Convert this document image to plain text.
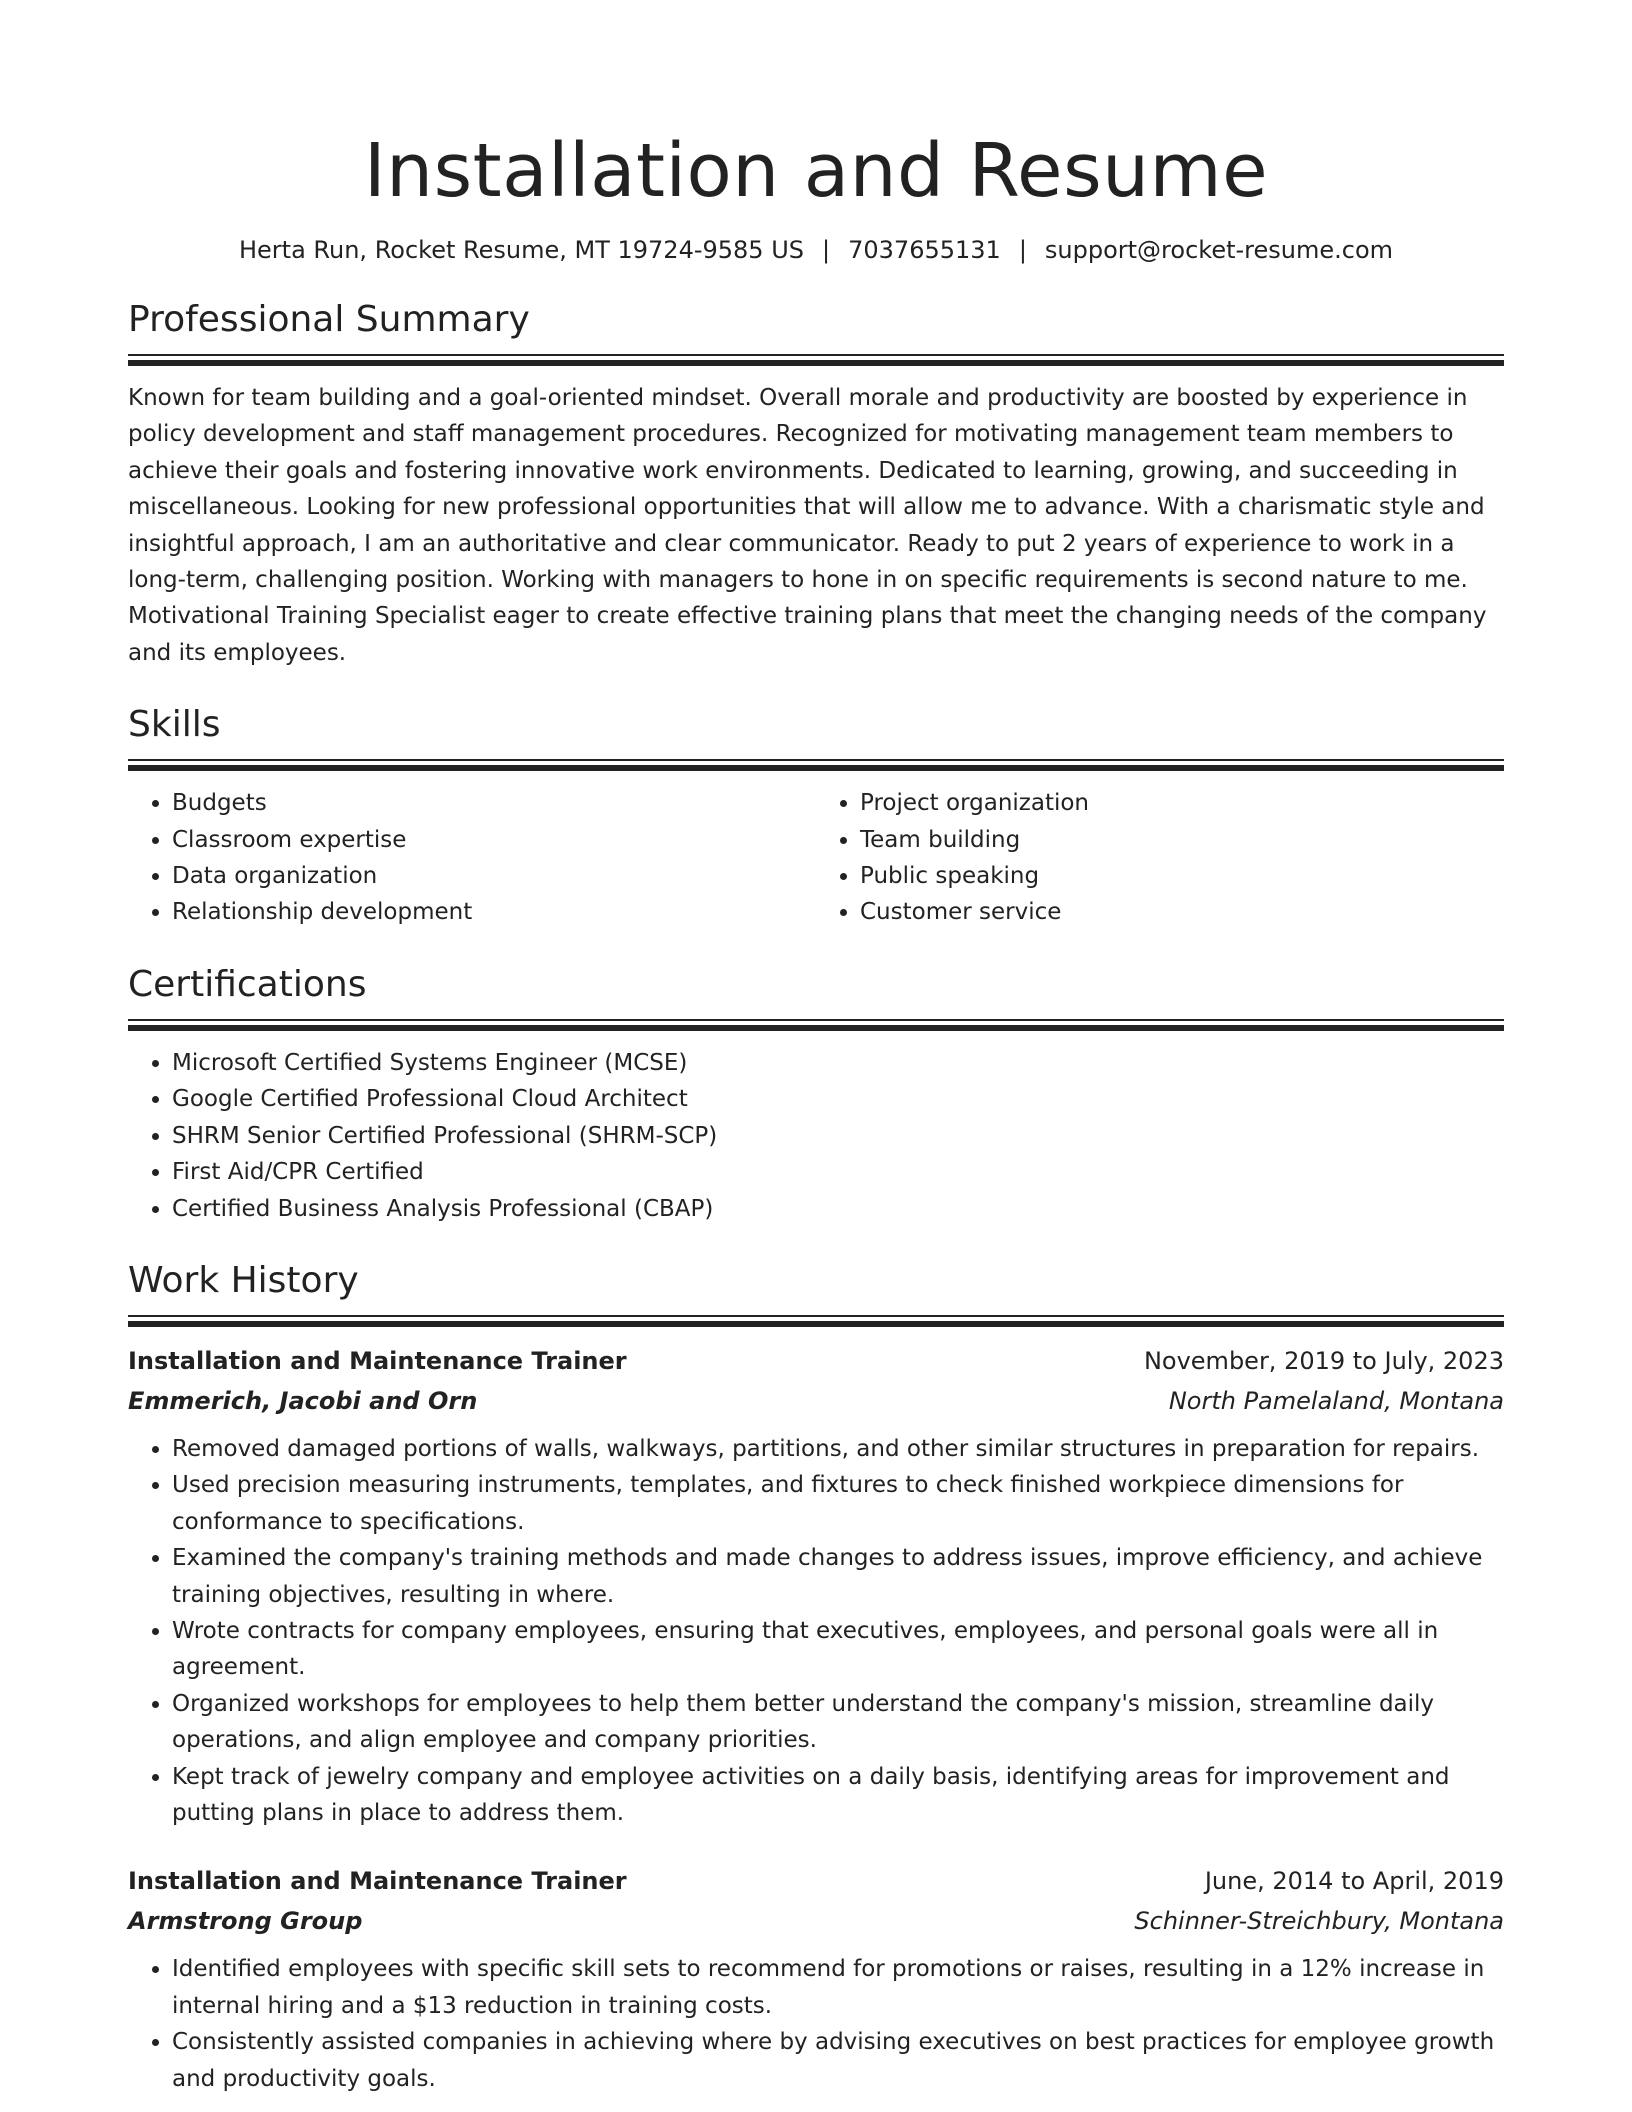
Installation and Resume
Herta Run, Rocket Resume, MT 19724-9585 US | 7037655131 | support@rocket-resume.com
Professional Summary

Known for team building and a goal-oriented mindset. Overall morale and productivity are boosted by experience in policy development and staff management procedures. Recognized for motivating management team members to achieve their goals and fostering innovative work environments. Dedicated to learning, growing, and succeeding in miscellaneous. Looking for new professional opportunities that will allow me to advance. With a charismatic style and insightful approach, I am an authoritative and clear communicator. Ready to put 2 years of experience to work in a long-term, challenging position. Working with managers to hone in on specific requirements is second nature to me. Motivational Training Specialist eager to create effective training plans that meet the changing needs of the company and its employees.

Skills
• Budgets
• Classroom expertise
• Data organization
• Relationship development
• Project organization
• Team building
• Public speaking
• Customer service
Certifications
• Microsoft Certified Systems Engineer (MCSE)
• Google Certified Professional Cloud Architect
• SHRM Senior Certified Professional (SHRM-SCP)
• First Aid/CPR Certified
• Certified Business Analysis Professional (CBAP)
Work History
Installation and Maintenance Trainer	November, 2019 to July, 2023
Emmerich, Jacobi and Orn	North Pamelaland, Montana
• Removed damaged portions of walls, walkways, partitions, and other similar structures in preparation for repairs.
• Used precision measuring instruments, templates, and fixtures to check finished workpiece dimensions for conformance to specifications.
• Examined the company's training methods and made changes to address issues, improve efficiency, and achieve training objectives, resulting in where.
• Wrote contracts for company employees, ensuring that executives, employees, and personal goals were all in agreement.
• Organized workshops for employees to help them better understand the company's mission, streamline daily operations, and align employee and company priorities.
• Kept track of jewelry company and employee activities on a daily basis, identifying areas for improvement and putting plans in place to address them.
Installation and Maintenance Trainer	June, 2014 to April, 2019
Armstrong Group	Schinner-Streichbury, Montana
• Identified employees with specific skill sets to recommend for promotions or raises, resulting in a 12% increase in internal hiring and a $13 reduction in training costs.
• Consistently assisted companies in achieving where by advising executives on best practices for employee growth and productivity goals.
